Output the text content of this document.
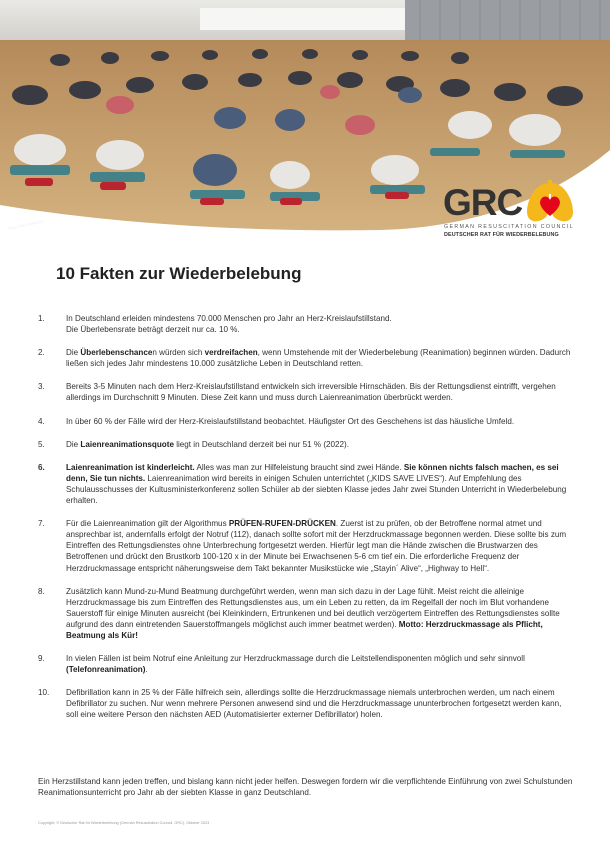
Foto: Max Ruelbach
GRC
GERMAN RESUSCITATION COUNCIL
DEUTSCHER RAT FÜR WIEDERBELEBUNG
10 Fakten zur Wiederbelebung
1.	In Deutschland erleiden mindestens 70.000 Menschen pro Jahr an Herz-Kreislaufstillstand.

Die Überlebensrate beträgt derzeit nur ca. 10 %.

2.	Die Überlebenschancen würden sich verdreifachen, wenn Umstehende mit der Wiederbelebung (Reanimation) beginnen würden. Dadurch ließen sich jedes Jahr mindestens 10.000 zusätzliche Leben in Deutschland retten.

3.	Bereits 3-5 Minuten nach dem Herz-Kreislaufstillstand entwickeln sich irreversible Hirnschäden. Bis der Rettungsdienst eintrifft, vergehen allerdings im Durchschnitt 9 Minuten. Diese Zeit kann und muss durch Laienreanimation überbrückt werden.

4.	In über 60 % der Fälle wird der Herz-Kreislaufstillstand beobachtet. Häufigster Ort des Geschehens ist das häusliche Umfeld.

5.	Die Laienreanimationsquote liegt in Deutschland derzeit bei nur 51 % (2022).

6.	Laienreanimation ist kinderleicht. Alles was man zur Hilfeleistung braucht sind zwei Hände. Sie können nichts falsch machen, es sei denn, Sie tun nichts. Laienreanimation wird bereits in einigen Schulen unterrichtet („KIDS SAVE LIVES“). Auf Empfehlung des Schulausschusses der Kultusministerkonferenz sollen Schüler ab der siebten Klasse jedes Jahr zwei Stunden Unterricht in Wiederbelebung erhalten.

7.	Für die Laienreanimation gilt der Algorithmus PRÜFEN-RUFEN-DRÜCKEN. Zuerst ist zu prüfen, ob der Betroffene normal atmet und ansprechbar ist, andernfalls erfolgt der Notruf (112), danach sollte sofort mit der Herzdruckmassage begonnen werden. Diese sollte bis zum Eintreffen des Rettungsdienstes ohne Unterbrechung fortgesetzt werden. Hierfür legt man die Hände zwischen die Brustwarzen des Betroffenen und drückt den Brustkorb 100-120 x in der Minute bei Erwachsenen 5-6 cm tief ein. Die erforderliche Frequenz der Herzdruckmassage entspricht näherungsweise dem Takt bekannter Musikstücke wie „Stayin´ Alive“, „Highway to Hell“.

8.	Zusätzlich kann Mund-zu-Mund Beatmung durchgeführt werden, wenn man sich dazu in der Lage fühlt. Meist reicht die alleinige Herzdruckmassage bis zum Eintreffen des Rettungsdienstes aus, um ein Leben zu retten, da im Regelfall der noch im Blut vorhandene Sauerstoff für einige Minuten ausreicht (bei Kleinkindern, Ertrunkenen und bei deutlich verzögertem Eintreffen des Rettungsdienstes sollte aufgrund des dann eintretenden Sauerstoffmangels möglichst auch immer beatmet werden). Motto: Herzdruckmassage als Pflicht, Beatmung als Kür!

9.	In vielen Fällen ist beim Notruf eine Anleitung zur Herzdruckmassage durch die Leitstellendisponenten möglich und sehr sinnvoll (Telefonreanimation).

10. Defibrillation kann in 25 % der Fälle hilfreich sein, allerdings sollte die Herzdruckmassage niemals unterbrochen werden, um nach einem Defibrillator zu suchen. Nur wenn mehrere Personen anwesend sind und die Herzdruckmassage ununterbrochen fortgesetzt werden kann, soll eine weitere Person den nächsten AED (Automatisierter externer Defibrillator) holen.

Ein Herzstillstand kann jeden treffen, und bislang kann nicht jeder helfen. Deswegen fordern wir die verpflichtende Einführung von zwei Schulstunden Reanimationsunterricht pro Jahr ab der siebten Klasse in ganz Deutschland.

Copyright: © Deutscher Rat für Wiederbelebung (German Resuscitation Council, GRC), Oktober 2023
